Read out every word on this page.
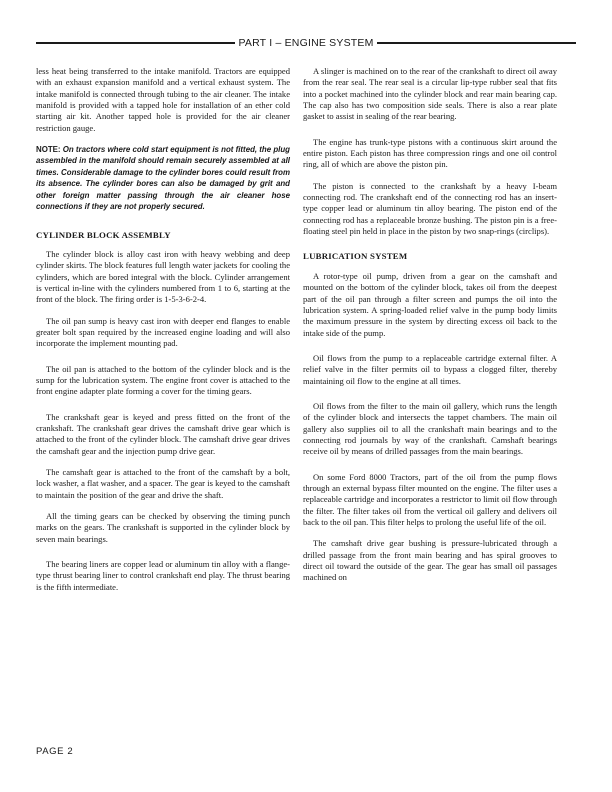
PART I – ENGINE SYSTEM

less heat being transferred to the intake manifold. Tractors are equipped with an exhaust expansion manifold and a vertical exhaust system. The intake manifold is connected through tubing to the air cleaner. The intake manifold is provided with a tapped hole for installation of an ether cold starting air kit. Another tapped hole is provided for the air cleaner restriction gauge.

NOTE: On tractors where cold start equipment is not fitted, the plug assembled in the manifold should remain securely assembled at all times. Considerable damage to the cylinder bores could result from its absence. The cylinder bores can also be damaged by grit and other foreign matter passing through the air cleaner hose connections if they are not properly secured.

CYLINDER BLOCK ASSEMBLY

The cylinder block is alloy cast iron with heavy webbing and deep cylinder skirts. The block features full length water jackets for cooling the cylinders, which are bored integral with the block. Cylinder arrangement is vertical in-line with the cylinders numbered from 1 to 6, starting at the front of the block. The firing order is 1-5-3-6-2-4.

The oil pan sump is heavy cast iron with deeper end flanges to enable greater bolt span required by the increased engine loading and will also incorporate the implement mounting pad.

The oil pan is attached to the bottom of the cylinder block and is the sump for the lubrication system. The engine front cover is attached to the front engine adapter plate forming a cover for the timing gears.

The crankshaft gear is keyed and press fitted on the front of the crankshaft. The crankshaft gear drives the camshaft drive gear which is attached to the front of the cylinder block. The camshaft drive gear drives the camshaft gear and the injection pump drive gear.

The camshaft gear is attached to the front of the camshaft by a bolt, lock washer, a flat washer, and a spacer. The gear is keyed to the camshaft to maintain the position of the gear and drive the shaft.

All the timing gears can be checked by observing the timing punch marks on the gears. The crankshaft is supported in the cylinder block by seven main bearings.

The bearing liners are copper lead or aluminum tin alloy with a flange-type thrust bearing liner to control crankshaft end play. The thrust bearing is the fifth intermediate.

A slinger is machined on to the rear of the crankshaft to direct oil away from the rear seal. The rear seal is a circular lip-type rubber seal that fits into a pocket machined into the cylinder block and rear main bearing cap. The cap also has two composition side seals. There is also a rear plate gasket to assist in sealing of the rear bearing.

The engine has trunk-type pistons with a continuous skirt around the entire piston. Each piston has three compression rings and one oil control ring, all of which are above the piston pin.

The piston is connected to the crankshaft by a heavy I-beam connecting rod. The crankshaft end of the connecting rod has an insert-type copper lead or aluminum tin alloy bearing. The piston end of the connecting rod has a replaceable bronze bushing. The piston pin is a free-floating steel pin held in place in the piston by two snap-rings (circlips).

LUBRICATION SYSTEM

A rotor-type oil pump, driven from a gear on the camshaft and mounted on the bottom of the cylinder block, takes oil from the deepest part of the oil pan through a filter screen and pumps the oil into the lubrication system. A spring-loaded relief valve in the pump body limits the maximum pressure in the system by directing excess oil back to the intake side of the pump.

Oil flows from the pump to a replaceable cartridge external filter. A relief valve in the filter permits oil to bypass a clogged filter, thereby maintaining oil flow to the engine at all times.

Oil flows from the filter to the main oil gallery, which runs the length of the cylinder block and intersects the tappet chambers. The main oil gallery also supplies oil to all the crankshaft main bearings and to the connecting rod journals by way of the crankshaft. Camshaft bearings receive oil by means of drilled passages from the main bearings.

On some Ford 8000 Tractors, part of the oil from the pump flows through an external bypass filter mounted on the engine. The filter uses a replaceable cartridge and incorporates a restrictor to limit oil flow through the filter. The filter takes oil from the vertical oil gallery and delivers oil back to the oil pan. This filter helps to prolong the useful life of the oil.

The camshaft drive gear bushing is pressure-lubricated through a drilled passage from the front main bearing and has spiral grooves to direct oil toward the outside of the gear. The gear has small oil passages machined on

PAGE 2
